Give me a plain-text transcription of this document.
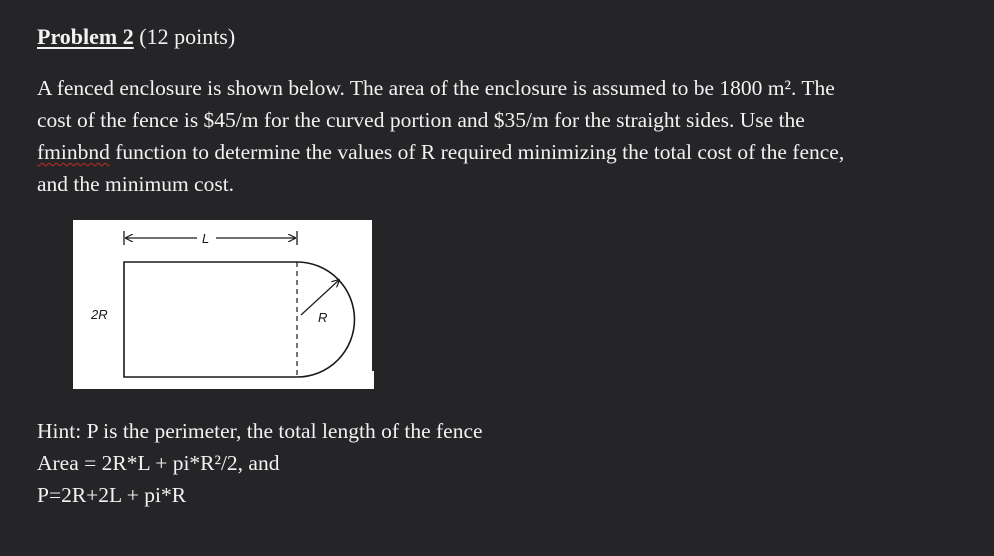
Problem 2 (12 points)
A fenced enclosure is shown below. The area of the enclosure is assumed to be 1800 m². The
cost of the fence is $45/m for the curved portion and $35/m for the straight sides. Use the
fminbnd function to determine the values of R required minimizing the total cost of the fence,
and the minimum cost.
L
R
2R
Hint: P is the perimeter, the total length of the fence
Area = 2R*L + pi*R²/2, and
P=2R+2L + pi*R
